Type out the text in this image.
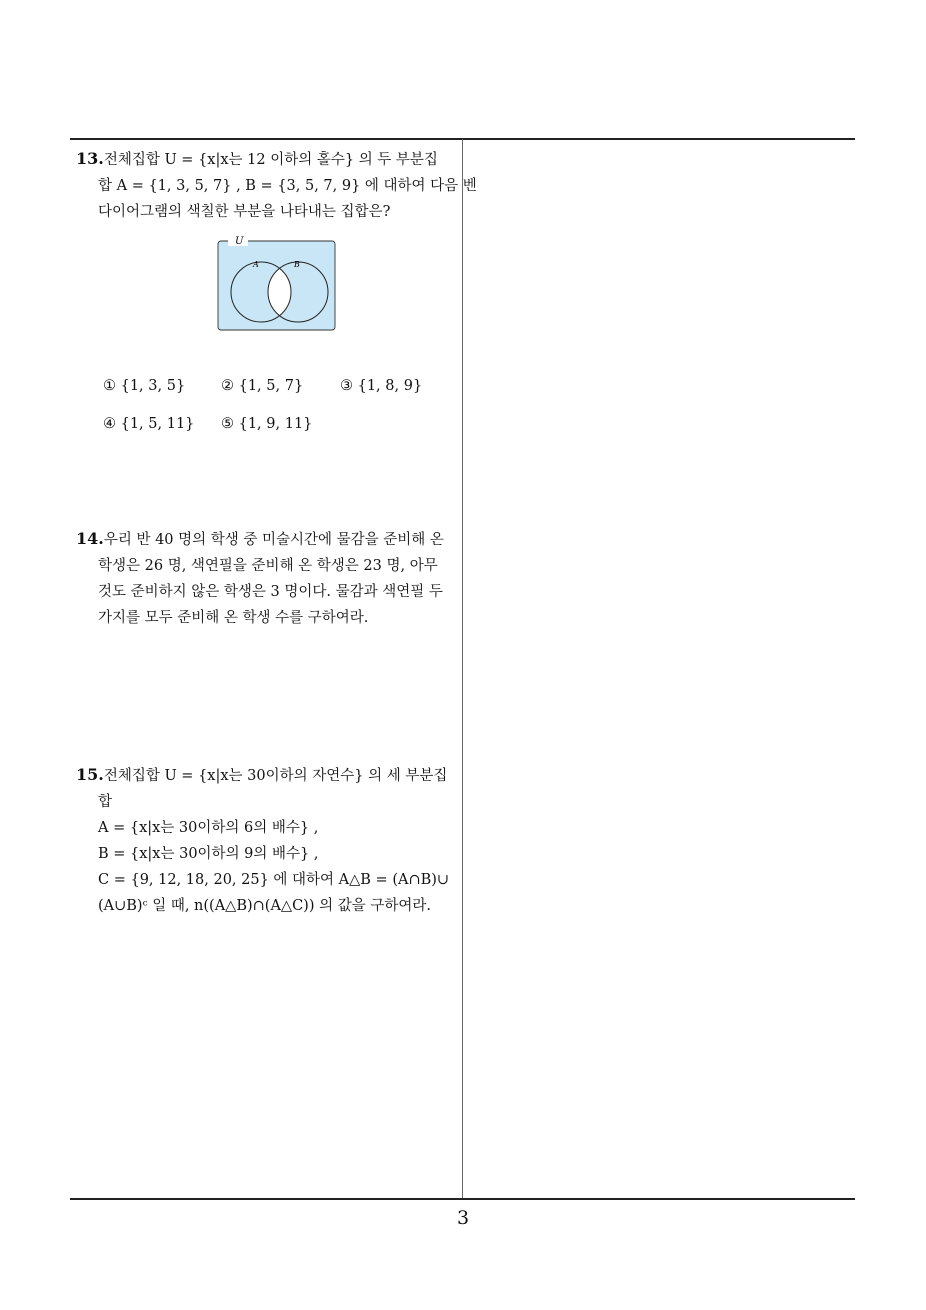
13.전체집합 U = {x|x는 12 이하의 홀수} 의 두 부분집
합 A = {1, 3, 5, 7} , B = {3, 5, 7, 9} 에 대하여 다음 벤
다이어그램의 색칠한 부분을 나타내는 집합은?
U
A	B
① {1, 3, 5} ② {1, 5, 7}	③ {1, 8, 9}
④ {1, 5, 11} ⑤ {1, 9, 11}
14.우리 반 40 명의 학생 중 미술시간에 물감을 준비해 온
학생은 26 명, 색연필을 준비해 온 학생은 23 명, 아무
것도 준비하지 않은 학생은 3 명이다. 물감과 색연필 두
가지를 모두 준비해 온 학생 수를 구하여라.
15.전체집합 U = {x|x는 30이하의 자연수} 의 세 부분집
합
A = {x|x는 30이하의 6의 배수} ,
B = {x|x는 30이하의 9의 배수} ,
C = {9, 12, 18, 20, 25} 에 대하여 A△B = (A∩B)∪
(A∪B)ᶜ 일 때, n((A△B)∩(A△C)) 의 값을 구하여라.
3
